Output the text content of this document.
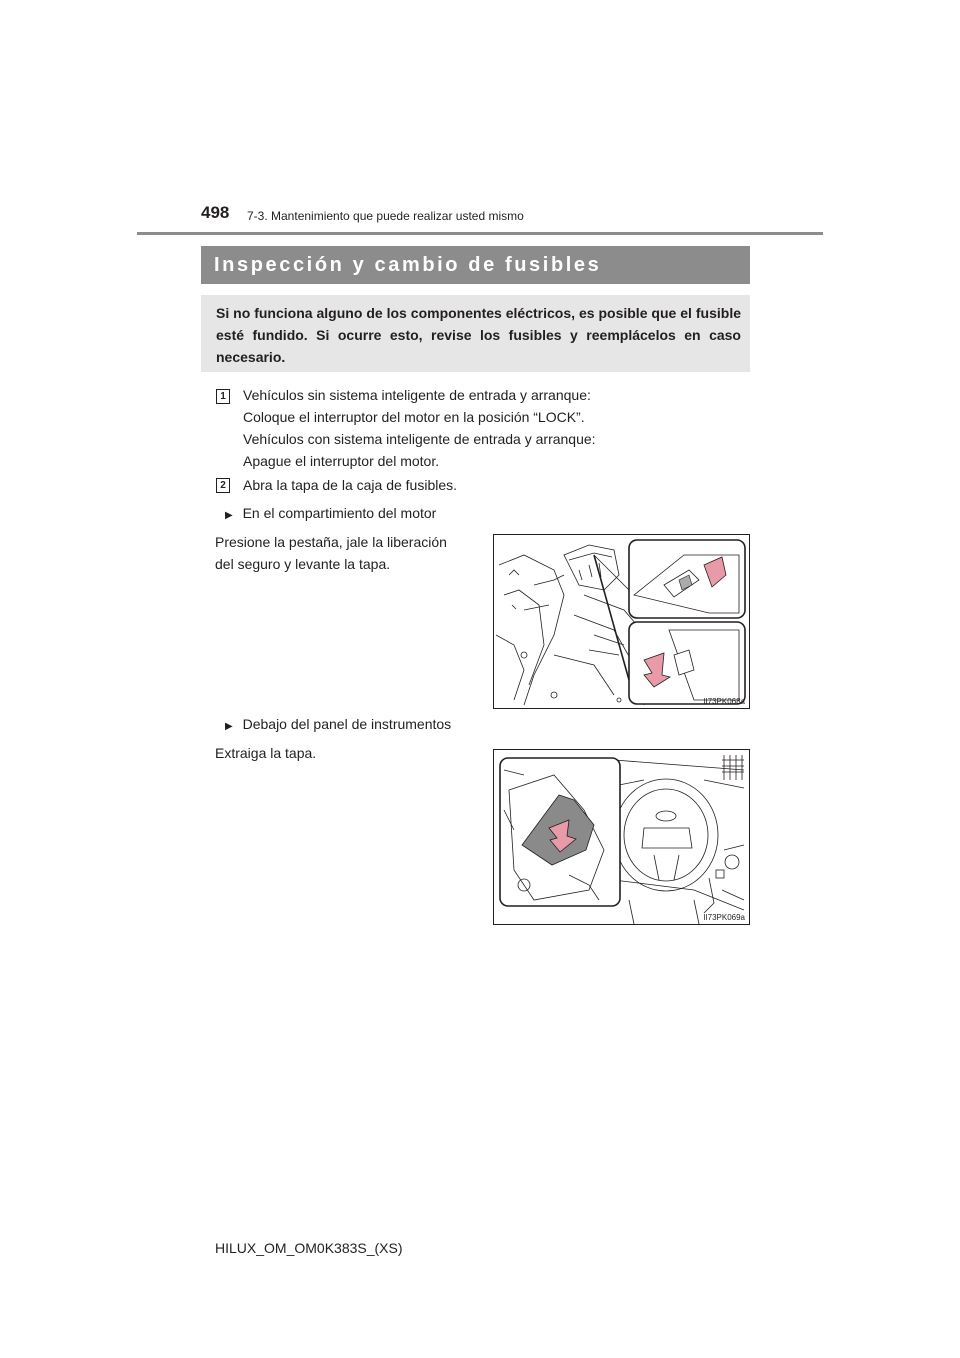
498 7-3. Mantenimiento que puede realizar usted mismo
Inspección y cambio de fusibles
Si no funciona alguno de los componentes eléctricos, es posible que el fusible esté fundido. Si ocurre esto, revise los fusibles y reemplácelos en caso necesario.
1	Vehículos sin sistema inteligente de entrada y arranque:
Coloque el interruptor del motor en la posición “LOCK”.
Vehículos con sistema inteligente de entrada y arranque:
Apague el interruptor del motor.
2	Abra la tapa de la caja de fusibles.
▶ En el compartimiento del motor
Presione la pestaña, jale la liberación
del seguro y levante la tapa.
II73PK068a
▶ Debajo del panel de instrumentos
Extraiga la tapa.
II73PK069a
HILUX_OM_OM0K383S_(XS)
